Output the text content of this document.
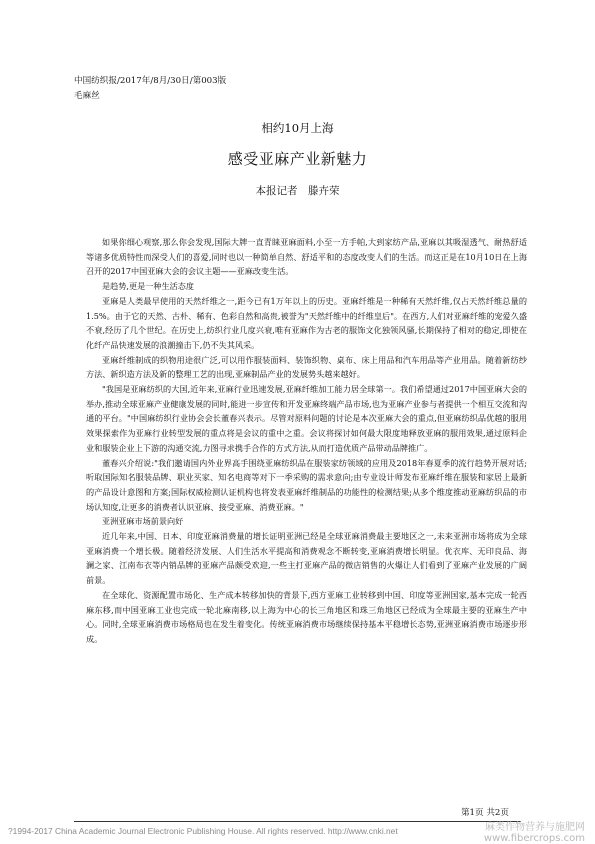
中国纺织报/2017年/8月/30日/第003版
毛麻丝
相约10月上海
感受亚麻产业新魅力
本报记者　滕卉荣

如果你细心观察,那么你会发现,国际大牌一直青睐亚麻面料,小至一方手帕,大到家纺产品,亚麻以其吸湿透气、耐热舒适等诸多优质特性而深受人们的喜爱,同时也以一种简单自然、舒适平和的态度改变人们的生活。而这正是在10月10日在上海召开的2017中国亚麻大会的会议主题——亚麻改变生活。

是趋势,更是一种生活态度

亚麻是人类最早使用的天然纤维之一,距今已有1万年以上的历史。亚麻纤维是一种稀有天然纤维,仅占天然纤维总量的1.5%。由于它的天然、古朴、稀有、色彩自然和高贵,被誉为"天然纤维中的纤维皇后"。在西方,人们对亚麻纤维的宠爱久盛不衰,经历了几个世纪。在历史上,纺织行业几度兴衰,唯有亚麻作为古老的服饰文化独领风骚,长期保持了相对的稳定,即使在化纤产品快速发展的浪潮撞击下,仍不失其风采。

亚麻纤维制成的织物用途很广泛,可以用作服装面料、装饰织物、桌布、床上用品和汽车用品等产业用品。随着新纺纱方法、新织造方法及新的整理工艺的出现,亚麻制品产业的发展势头越来越好。

"我国是亚麻纺织的大国,近年来,亚麻行业迅速发展,亚麻纤维加工能力居全球第一。我们希望通过2017中国亚麻大会的举办,推动全球亚麻产业健康发展的同时,能进一步宣传和开发亚麻终端产品市场,也为亚麻产业参与者提供一个相互交流和沟通的平台。"中国麻纺织行业协会会长董春兴表示。尽管对原料问题的讨论是本次亚麻大会的重点,但亚麻纺织品优越的服用效果探索作为亚麻行业转型发展的重点将是会议的重中之重。会议将探讨如何最大限度地释放亚麻的服用效果,通过原料企业和服装企业上下游的沟通交流,力图寻求携手合作的方式方法,从而打造优质产品带动品牌推广。

董春兴介绍说:"我们邀请国内外业界高手围绕亚麻纺织品在服装家纺领域的应用及2018年春夏季的流行趋势开展对话;听取国际知名服装品牌、职业买家、知名电商等对下一季采购的需求意向;由专业设计师发布亚麻纤维在服装和家居上最新的产品设计意图和方案;国际权威检测认证机构也将发表亚麻纤维制品的功能性的检测结果;从多个维度推动亚麻纺织品的市场认知度,让更多的消费者认识亚麻、接受亚麻、消费亚麻。"

亚洲亚麻市场前景向好

近几年来,中国、日本、印度亚麻消费量的增长证明亚洲已经是全球亚麻消费最主要地区之一,未来亚洲市场将成为全球亚麻消费一个增长极。随着经济发展、人们生活水平提高和消费观念不断转变,亚麻消费增长明显。优衣库、无印良品、海澜之家、江南布衣等内销品牌的亚麻产品颇受欢迎,一些主打亚麻产品的微店销售的火爆让人们看到了亚麻产业发展的广阔前景。

在全球化、资源配置市场化、生产成本转移加快的背景下,西方亚麻工业转移到中国、印度等亚洲国家,基本完成一轮西麻东移,而中国亚麻工业也完成一轮北麻南移,以上海为中心的长三角地区和珠三角地区已经成为全球最主要的亚麻生产中心。同时,全球亚麻消费市场格局也在发生着变化。传统亚麻消费市场继续保持基本平稳增长态势,亚洲亚麻消费市场逐步形成。

第1页 共2页
?1994-2017 China Academic Journal Electronic Publishing House. All rights reserved. http://www.cnki.net	麻类作物营养与施肥网
www.fibercrops.com
